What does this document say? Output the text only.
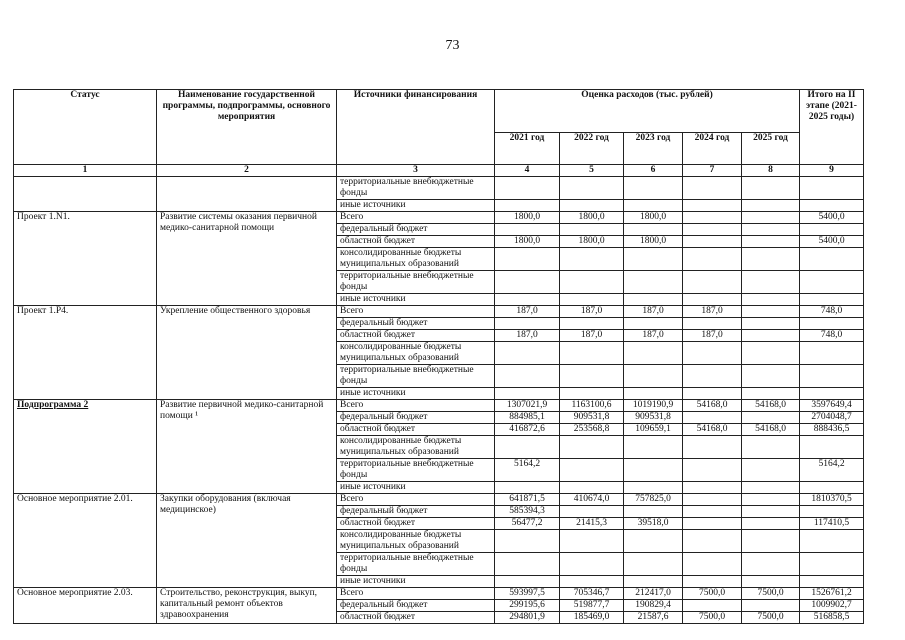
73
Статус	Наименование государственной программы, подпрограммы, основного мероприятия	Источники финансирования	Оценка расходов (тыс. рублей)					Итого на II этапе (2021-2025 годы)
			2021 год	2022 год	2023 год	2024 год	2025 год	
1	2	3	4	5	6	7	8	9
		территориальные внебюджетные фонды						
		иные источники						
Проект 1.N1.	Развитие системы оказания первичной медико-санитарной помощи	Всего	1800,0	1800,0	1800,0			5400,0
		федеральный бюджет						
		областной бюджет	1800,0	1800,0	1800,0			5400,0
		консолидированные бюджеты муниципальных образований						
		территориальные внебюджетные фонды						
		иные источники						
Проект 1.P4.	Укрепление общественного здоровья	Всего	187,0	187,0	187,0	187,0		748,0
		федеральный бюджет						
		областной бюджет	187,0	187,0	187,0	187,0		748,0
		консолидированные бюджеты муниципальных образований						
		территориальные внебюджетные фонды						
		иные источники						
Подпрограмма 2	Развитие первичной медико-санитарной помощи ¹	Всего	1307021,9	1163100,6	1019190,9	54168,0	54168,0	3597649,4
		федеральный бюджет	884985,1	909531,8	909531,8			2704048,7
		областной бюджет	416872,6	253568,8	109659,1	54168,0	54168,0	888436,5
		консолидированные бюджеты муниципальных образований						
		территориальные внебюджетные фонды	5164,2					5164,2
		иные источники						
Основное мероприятие 2.01.	Закупки оборудования (включая медицинское)	Всего	641871,5	410674,0	757825,0			1810370,5
		федеральный бюджет	585394,3					
		областной бюджет	56477,2	21415,3	39518,0			117410,5
		консолидированные бюджеты муниципальных образований						
		территориальные внебюджетные фонды						
		иные источники						
Основное мероприятие 2.03.	Строительство, реконструкция, выкуп, капитальный ремонт объектов здравоохранения	Всего	593997,5	705346,7	212417,0	7500,0	7500,0	1526761,2
		федеральный бюджет	299195,6	519877,7	190829,4			1009902,7
		областной бюджет	294801,9	185469,0	21587,6	7500,0	7500,0	516858,5
